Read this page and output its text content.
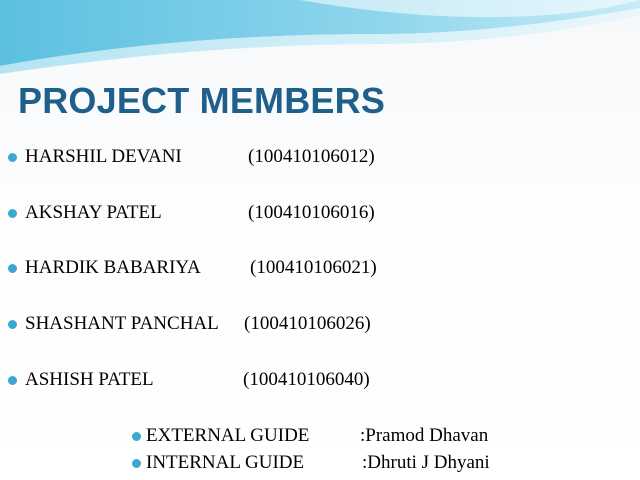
PROJECT MEMBERS
HARSHIL DEVANI	(100410106012)
AKSHAY PATEL	(100410106016)
HARDIK BABARIYA	(100410106021)
SHASHANT PANCHAL (100410106026)
ASHISH PATEL	(100410106040)
EXTERNAL GUIDE	:Pramod Dhavan
INTERNAL GUIDE	:Dhruti J Dhyani
